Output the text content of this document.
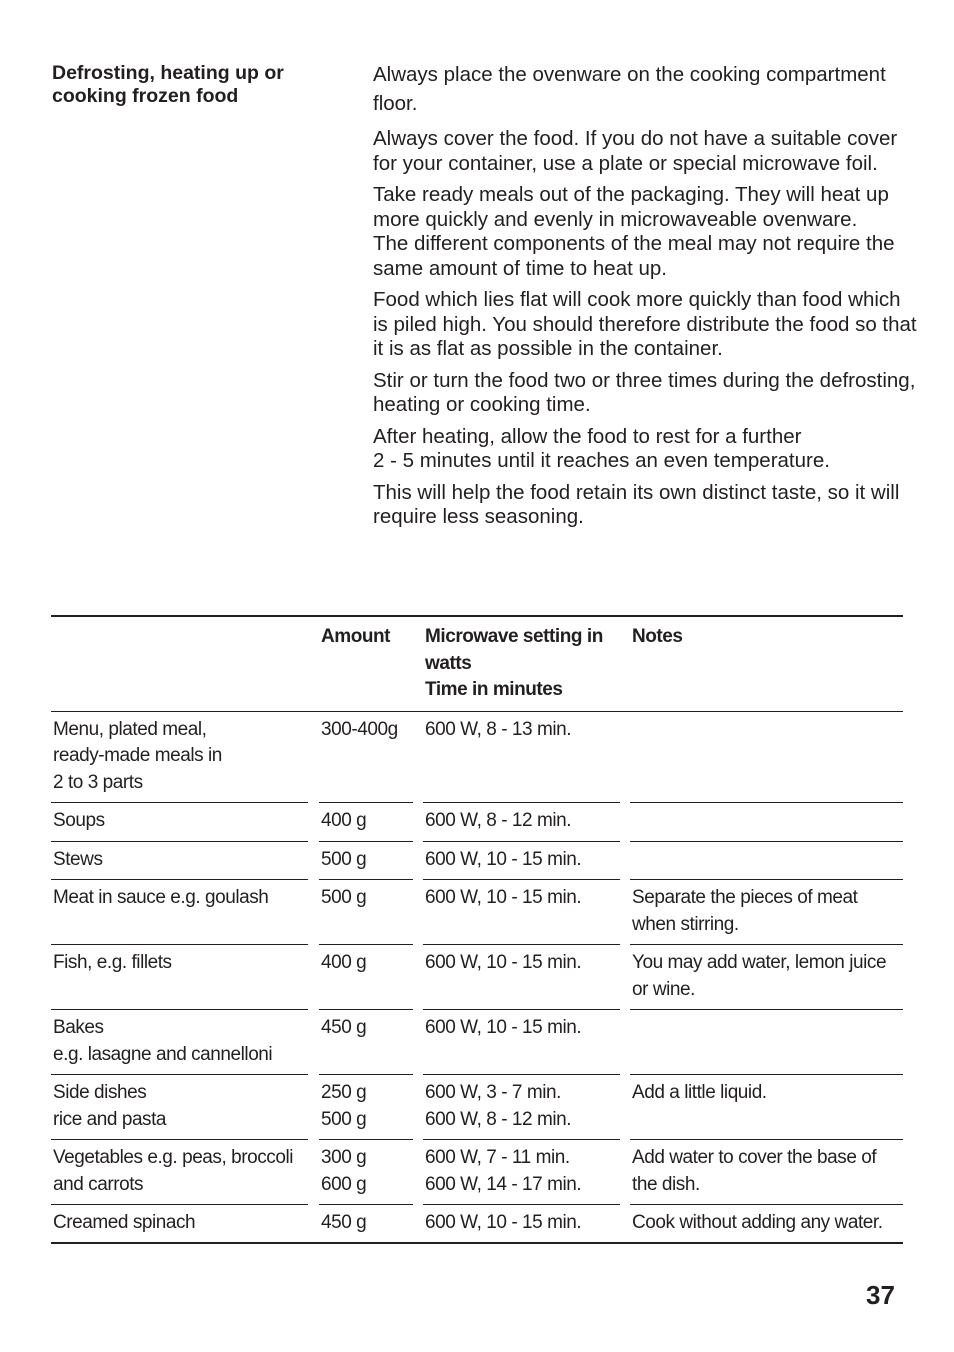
Defrosting, heating up or
cooking frozen food

Always place the ovenware on the cooking compartment floor.

Always cover the food. If you do not have a suitable cover for your container, use a plate or special microwave foil.

Take ready meals out of the packaging. They will heat up more quickly and evenly in microwaveable ovenware.

The different components of the meal may not require the same amount of time to heat up.

Food which lies flat will cook more quickly than food which is piled high. You should therefore distribute the food so that it is as flat as possible in the container.

Stir or turn the food two or three times during the defrosting, heating or cooking time.

After heating, allow the food to rest for a further

2 - 5 minutes until it reaches an even temperature.

This will help the food retain its own distinct taste, so it will require less seasoning.

	Amount	Microwave setting in
watts
Time in minutes	Notes

Menu, plated meal,
ready-made meals in
2 to 3 parts	300-400g	600 W, 8 - 13 min.	

Soups	400 g	600 W, 8 - 12 min.	

Stews	500 g	600 W, 10 - 15 min.	

Meat in sauce e.g. goulash	500 g	600 W, 10 - 15 min.	Separate the pieces of meat
when stirring.

Fish, e.g. fillets	400 g	600 W, 10 - 15 min.	You may add water, lemon juice
or wine.

Bakes
e.g. lasagne and cannelloni	450 g	600 W, 10 - 15 min.	

Side dishes
rice and pasta	250 g
500 g	600 W, 3 - 7 min.
600 W, 8 - 12 min.	Add a little liquid.

Vegetables e.g. peas, broccoli
and carrots	300 g
600 g	600 W, 7 - 11 min.
600 W, 14 - 17 min.	Add water to cover the base of
the dish.

Creamed spinach	450 g	600 W, 10 - 15 min.	Cook without adding any water.
37
